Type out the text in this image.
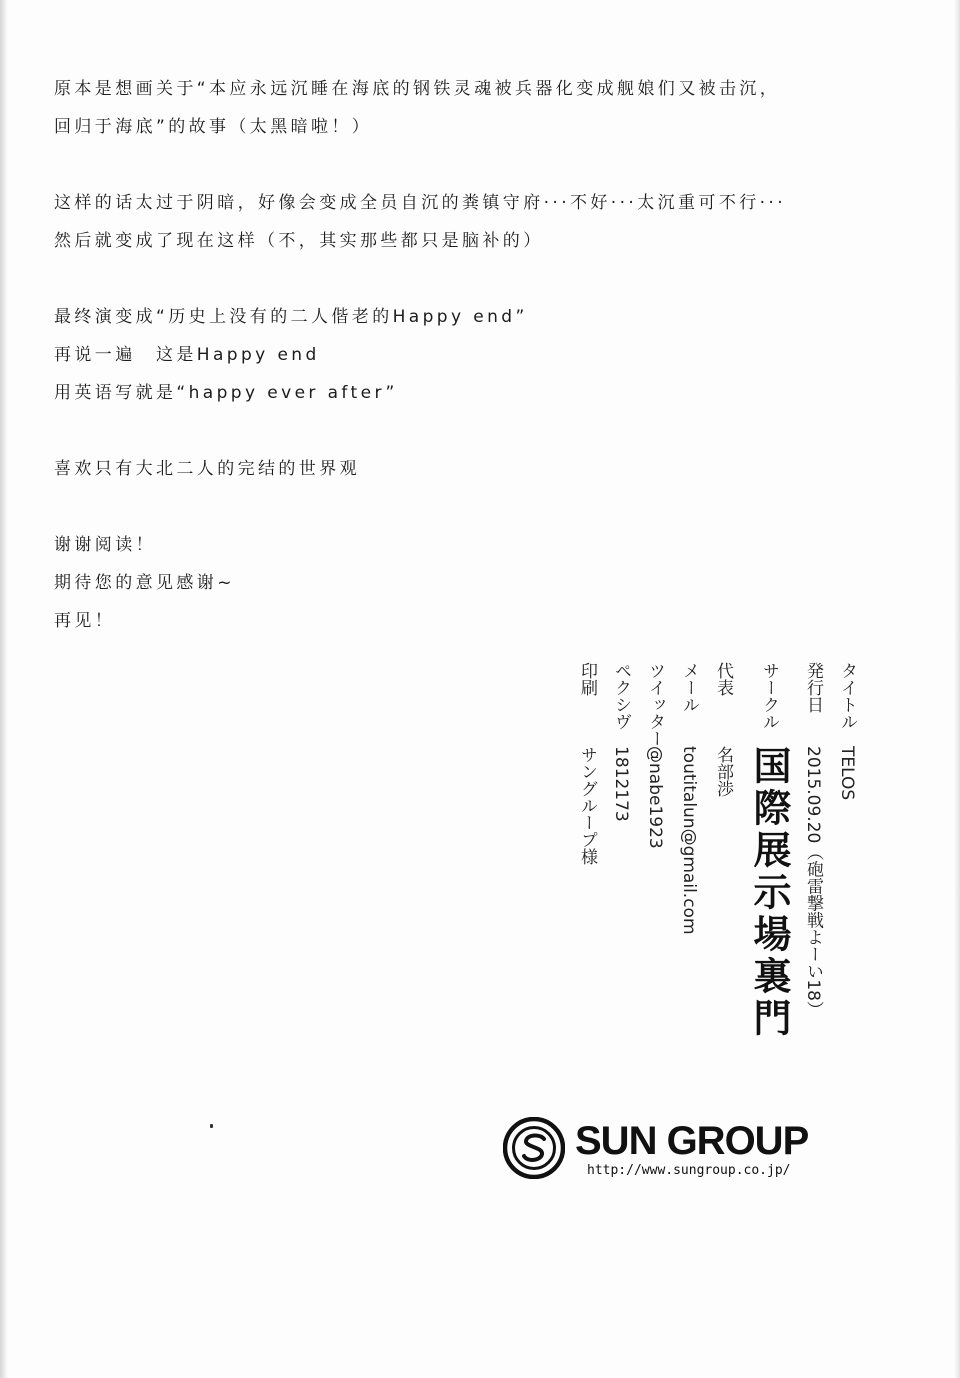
原本是想画关于“本应永远沉睡在海底的钢铁灵魂被兵器化变成舰娘们又被击沉，
回归于海底”的故事（太黑暗啦！）
这样的话太过于阴暗，好像会变成全员自沉的粪镇守府···不好···太沉重可不行···
然后就变成了现在这样（不，其实那些都只是脑补的）
最终演变成“历史上没有的二人偕老的Happy end”
再说一遍　这是Happy end
用英语写就是“happy ever after”
喜欢只有大北二人的完结的世界观
谢谢阅读！
期待您的意见感谢~
再见！
タイトルTELOS
発行日2015.09.20（砲雷撃戦よーい18）
サークル国際展示場裏門
代表名部渉
メールtoutitalun@gmail.com
ツイッター@nabe1923
ペクシヴ1812173
印刷サングループ様
SUN GROUP
http://www.sungroup.co.jp/
